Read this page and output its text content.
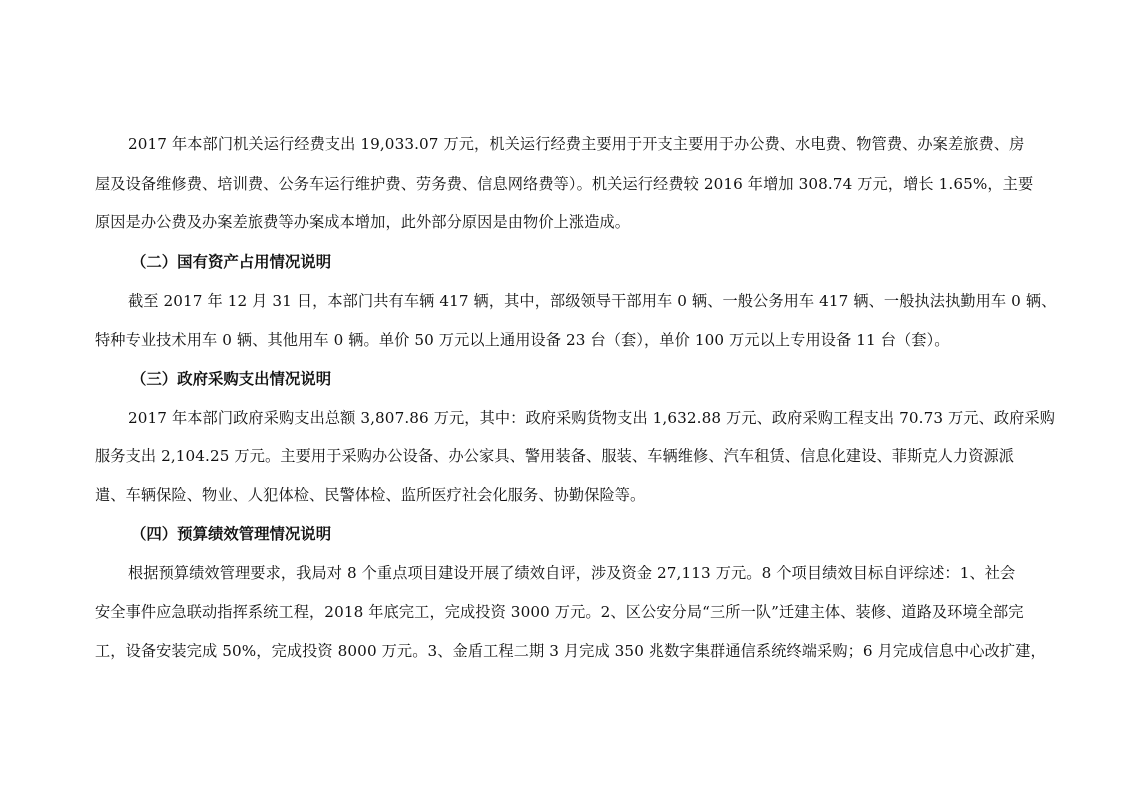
2017 年本部门机关运行经费支出 19,033.07 万元，机关运行经费主要用于开支主要用于办公费、水电费、物管费、办案差旅费、房
屋及设备维修费、培训费、公务车运行维护费、劳务费、信息网络费等）。机关运行经费较 2016 年增加 308.74 万元，增长 1.65%，主要
原因是办公费及办案差旅费等办案成本增加，此外部分原因是由物价上涨造成。
（二）国有资产占用情况说明
截至 2017 年 12 月 31 日，本部门共有车辆 417 辆，其中，部级领导干部用车 0 辆、一般公务用车 417 辆、一般执法执勤用车 0 辆、
特种专业技术用车 0 辆、其他用车 0 辆。单价 50 万元以上通用设备 23 台（套），单价 100 万元以上专用设备 11 台（套）。
（三）政府采购支出情况说明
2017 年本部门政府采购支出总额 3,807.86 万元，其中：政府采购货物支出 1,632.88 万元、政府采购工程支出 70.73 万元、政府采购
服务支出 2,104.25 万元。主要用于采购办公设备、办公家具、警用装备、服装、车辆维修、汽车租赁、信息化建设、菲斯克人力资源派
遣、车辆保险、物业、人犯体检、民警体检、监所医疗社会化服务、协勤保险等。
（四）预算绩效管理情况说明
根据预算绩效管理要求，我局对 8 个重点项目建设开展了绩效自评，涉及资金 27,113 万元。8 个项目绩效目标自评综述：1、社会
安全事件应急联动指挥系统工程，2018 年底完工，完成投资 3000 万元。2、区公安分局“三所一队”迁建主体、装修、道路及环境全部完
工，设备安装完成 50%，完成投资 8000 万元。3、金盾工程二期 3 月完成 350 兆数字集群通信系统终端采购；6 月完成信息中心改扩建，
